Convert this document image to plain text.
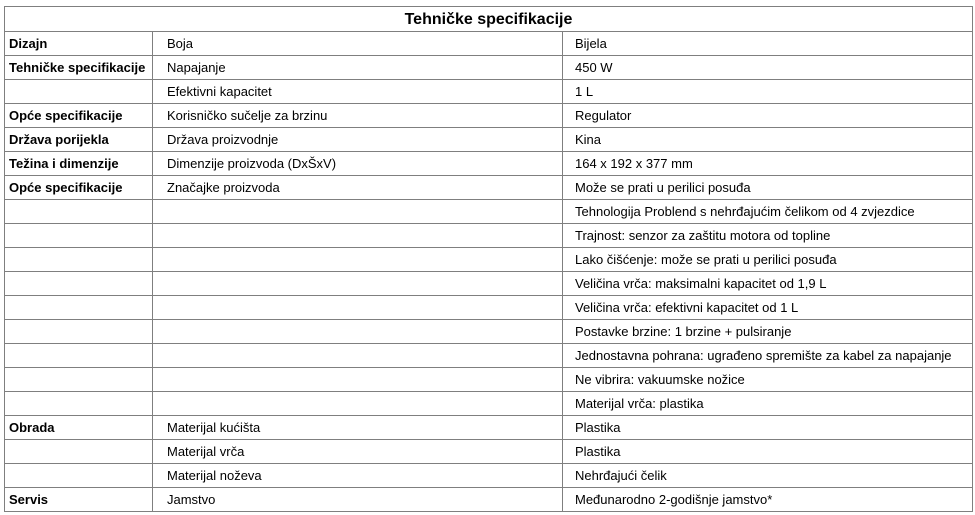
Tehničke specifikacije		
Dizajn	Boja	Bijela
Tehničke specifikacije	Napajanje	450 W
	Efektivni kapacitet	1 L
Opće specifikacije	Korisničko sučelje za brzinu	Regulator
Država porijekla	Država proizvodnje	Kina
Težina i dimenzije	Dimenzije proizvoda (DxŠxV)	164 x 192 x 377 mm
Opće specifikacije	Značajke proizvoda	Može se prati u perilici posuđa
		Tehnologija Problend s nehrđajućim čelikom od 4 zvjezdice
		Trajnost: senzor za zaštitu motora od topline
		Lako čišćenje: može se prati u perilici posuđa
		Veličina vrča: maksimalni kapacitet od 1,9 L
		Veličina vrča: efektivni kapacitet od 1 L
		Postavke brzine: 1 brzine + pulsiranje
		Jednostavna pohrana: ugrađeno spremište za kabel za napajanje
		Ne vibrira: vakuumske nožice
		Materijal vrča: plastika
Obrada	Materijal kućišta	Plastika
	Materijal vrča	Plastika
	Materijal noževa	Nehrđajući čelik
Servis	Jamstvo	Međunarodno 2-godišnje jamstvo*
